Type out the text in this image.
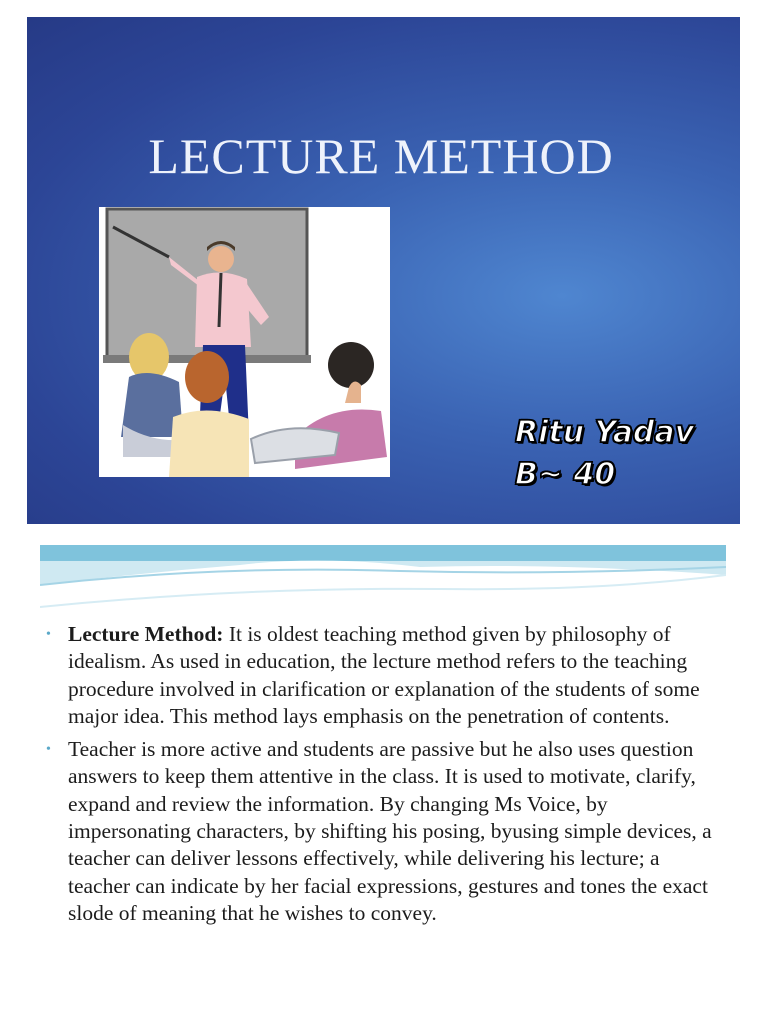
LECTURE METHOD
Ritu Yadav
B~ 40
• Lecture Method: It is oldest teaching method given by philosophy of idealism. As used in education, the lecture method refers to the teaching procedure involved in clarification or explanation of the students of some major idea. This method lays emphasis on the penetration of contents.
• Teacher is more active and students are passive but he also uses question answers to keep them attentive in the class. It is used to motivate, clarify, expand and review the information. By changing Ms Voice, by impersonating characters, by shifting his posing, byusing simple devices, a teacher can deliver lessons effectively, while delivering his lecture; a teacher can indicate by her facial expressions, gestures and tones the exact slode of meaning that he wishes to convey.
